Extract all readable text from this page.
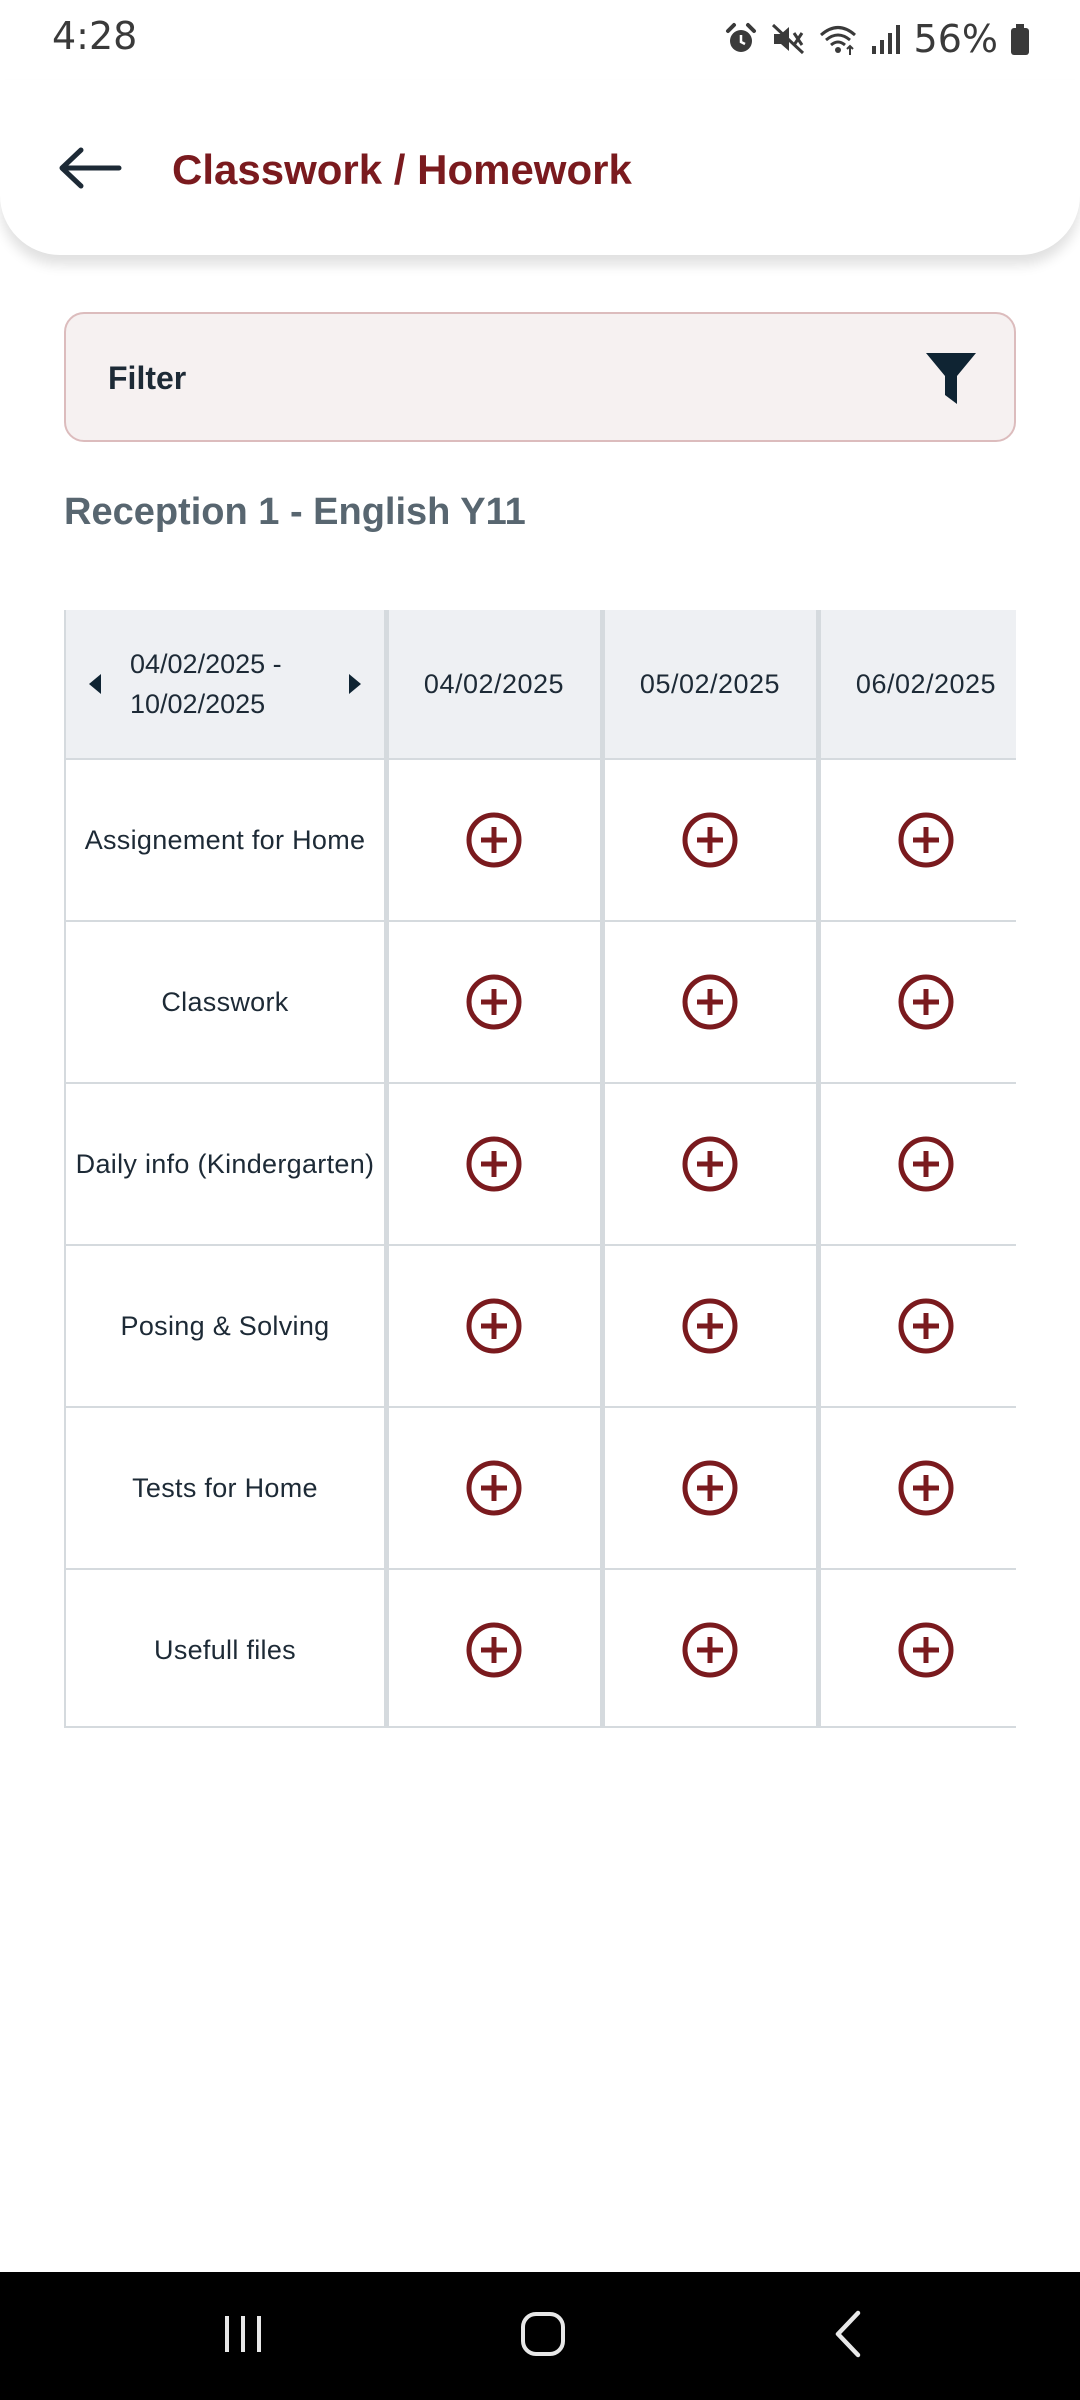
4:28	56%
Classwork / Homework
Filter
Reception 1 - English Y11
04/02/2025 -
10/02/2025
04/02/2025	05/02/2025	06/02/2025
Assignement for Home
Classwork
Daily info (Kindergarten)
Posing & Solving
Tests for Home
Usefull files
